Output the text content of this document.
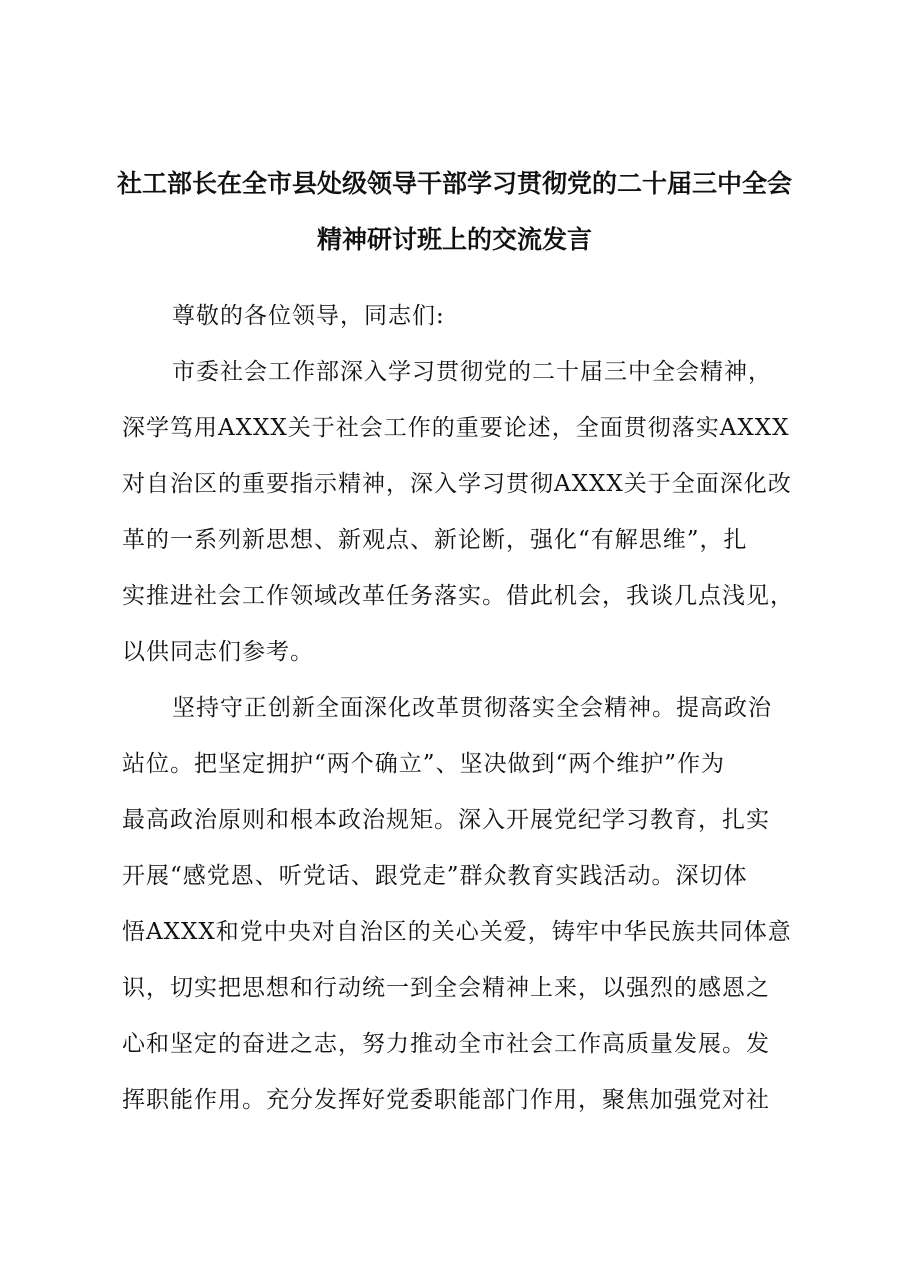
社工部长在全市县处级领导干部学习贯彻党的二十届三中全会
精神研讨班上的交流发言
尊敬的各位领导，同志们:
市委社会工作部深入学习贯彻党的二十届三中全会精神，
深学笃用AXXX关于社会工作的重要论述，全面贯彻落实AXXX
对自治区的重要指示精神，深入学习贯彻AXXX关于全面深化改
革的一系列新思想、新观点、新论断，强化“有解思维”，扎
实推进社会工作领域改革任务落实。借此机会，我谈几点浅见，
以供同志们参考。
坚持守正创新全面深化改革贯彻落实全会精神。提高政治
站位。把坚定拥护“两个确立”、坚决做到“两个维护”作为
最高政治原则和根本政治规矩。深入开展党纪学习教育，扎实
开展“感党恩、听党话、跟党走”群众教育实践活动。深切体
悟AXXX和党中央对自治区的关心关爱，铸牢中华民族共同体意
识，切实把思想和行动统一到全会精神上来，以强烈的感恩之
心和坚定的奋进之志，努力推动全市社会工作高质量发展。发
挥职能作用。充分发挥好党委职能部门作用，聚焦加强党对社
